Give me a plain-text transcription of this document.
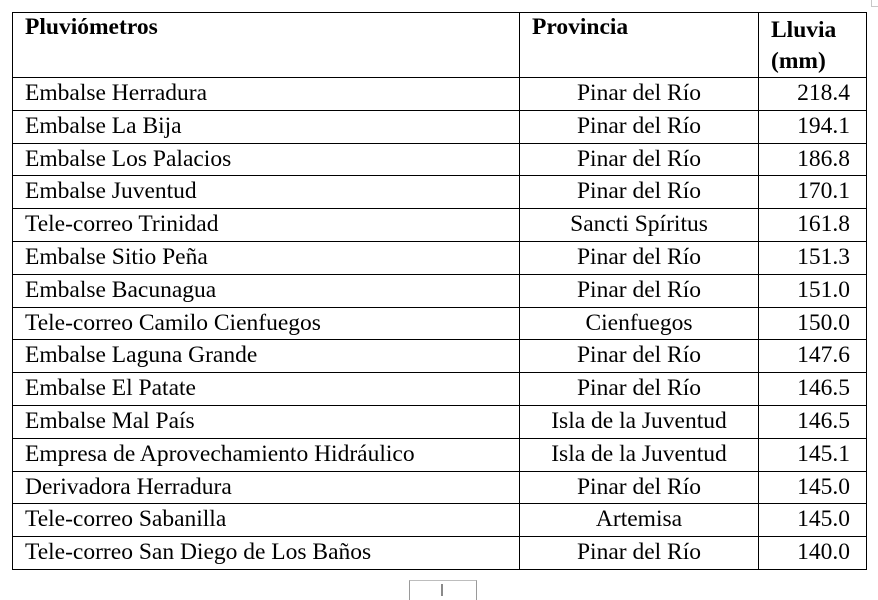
Pluviómetros	Provincia	Lluvia (mm)
Embalse Herradura	Pinar del Río	218.4
Embalse La Bija	Pinar del Río	194.1
Embalse Los Palacios	Pinar del Río	186.8
Embalse Juventud	Pinar del Río	170.1
Tele-correo Trinidad	Sancti Spíritus	161.8
Embalse Sitio Peña	Pinar del Río	151.3
Embalse Bacunagua	Pinar del Río	151.0
Tele-correo Camilo Cienfuegos	Cienfuegos	150.0
Embalse Laguna Grande	Pinar del Río	147.6
Embalse El Patate	Pinar del Río	146.5
Embalse Mal País	Isla de la Juventud	146.5
Empresa de Aprovechamiento Hidráulico	Isla de la Juventud	145.1
Derivadora Herradura	Pinar del Río	145.0
Tele-correo Sabanilla	Artemisa	145.0
Tele-correo San Diego de Los Baños	Pinar del Río	140.0
